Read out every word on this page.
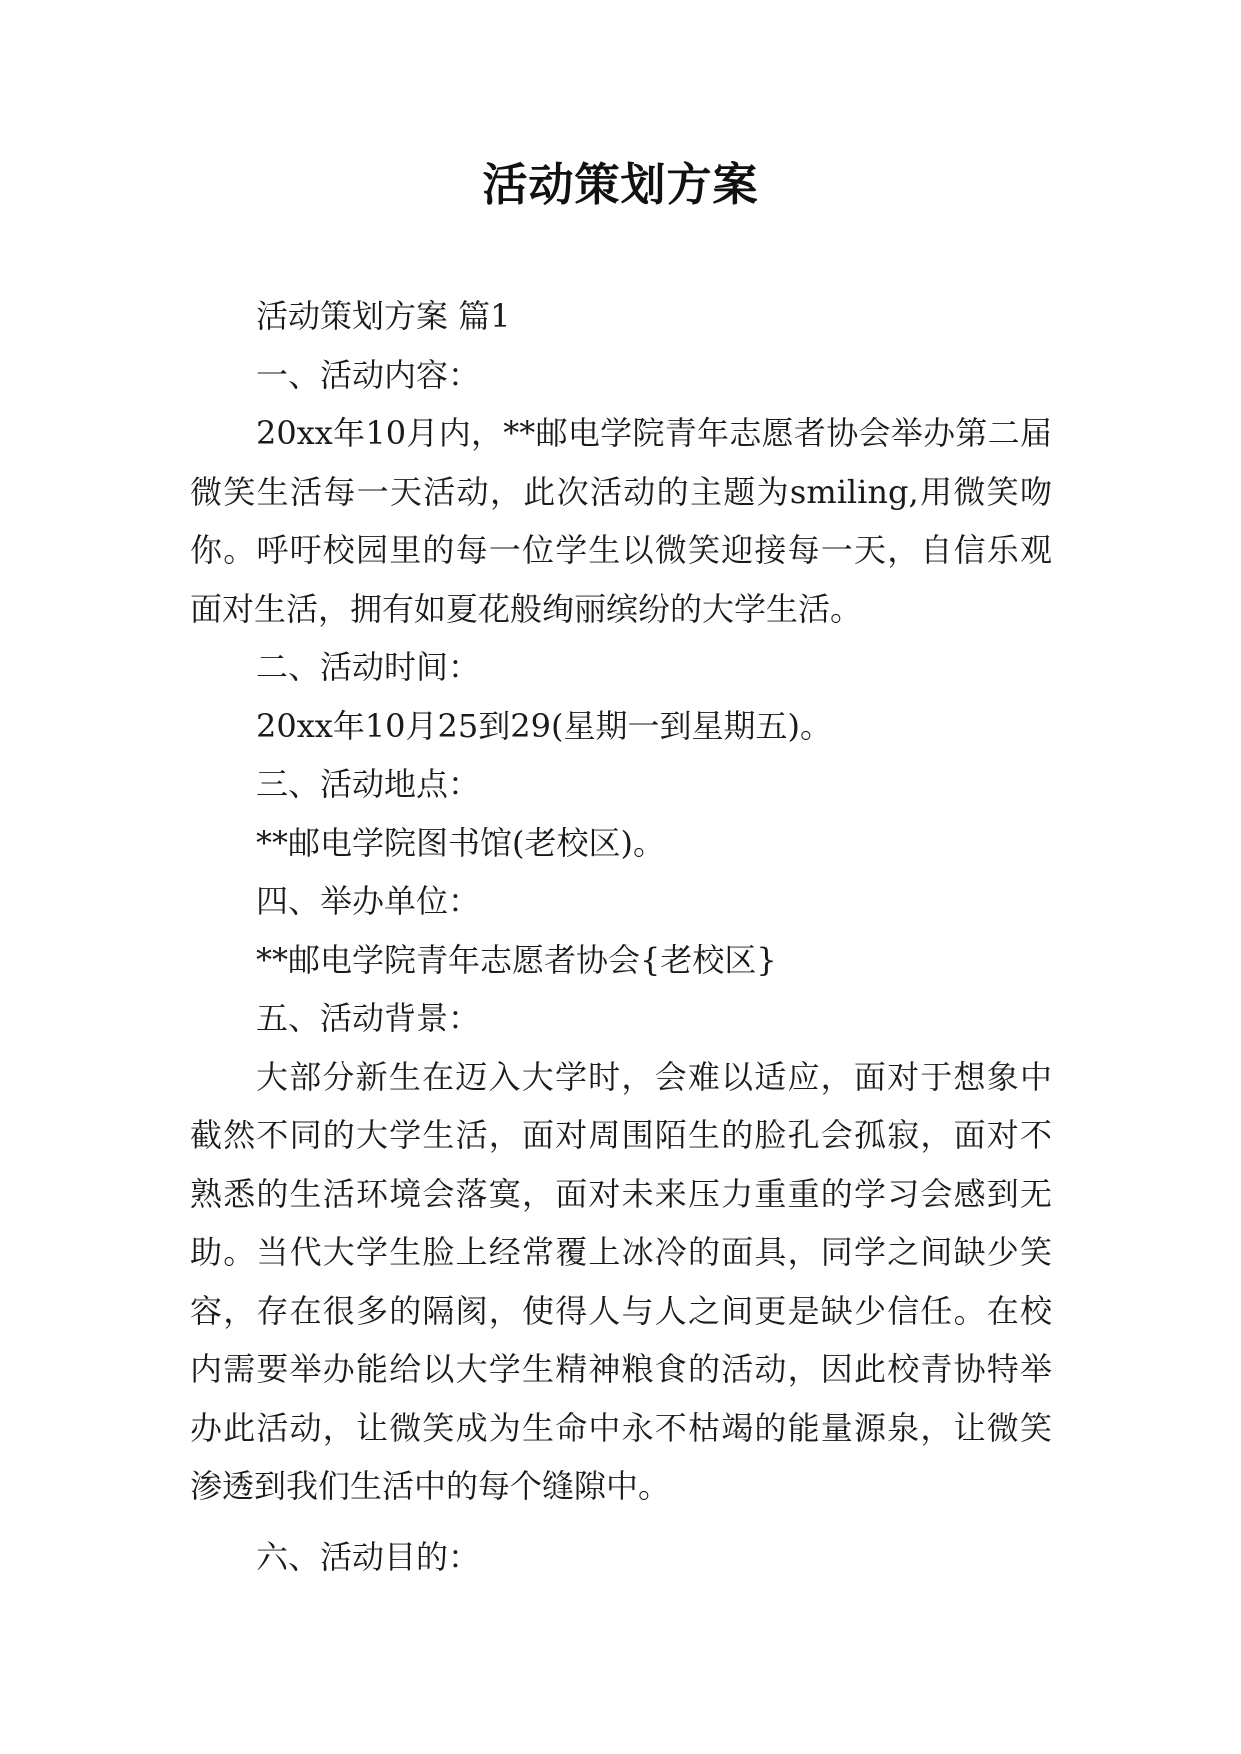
活动策划方案

活动策划方案 篇1

一、活动内容：

20xx年10月内，**邮电学院青年志愿者协会举办第二届微笑生活每一天活动，此次活动的主题为smiling,用微笑吻你。呼吁校园里的每一位学生以微笑迎接每一天，自信乐观面对生活，拥有如夏花般绚丽缤纷的大学生活。

二、活动时间：

20xx年10月25到29(星期一到星期五)。

三、活动地点：

**邮电学院图书馆(老校区)。

四、举办单位：

**邮电学院青年志愿者协会{老校区}

五、活动背景：

大部分新生在迈入大学时，会难以适应，面对于想象中截然不同的大学生活，面对周围陌生的脸孔会孤寂，面对不熟悉的生活环境会落寞，面对未来压力重重的学习会感到无助。当代大学生脸上经常覆上冰冷的面具，同学之间缺少笑容，存在很多的隔阂，使得人与人之间更是缺少信任。在校内需要举办能给以大学生精神粮食的活动，因此校青协特举办此活动，让微笑成为生命中永不枯竭的能量源泉，让微笑渗透到我们生活中的每个缝隙中。

六、活动目的：
